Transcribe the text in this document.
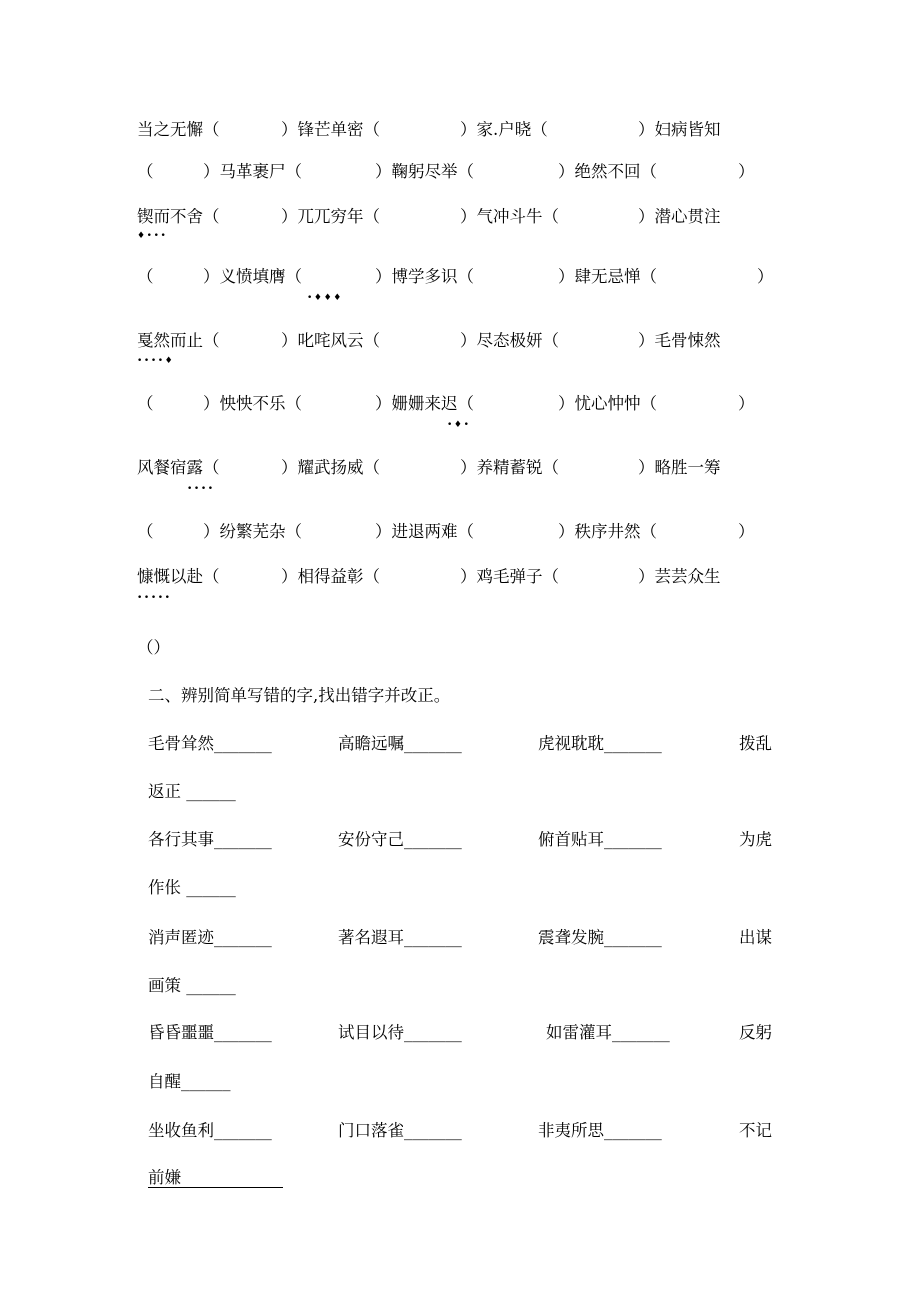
当之无懈（	）锋芒单密（	）家.户晓（	）妇病皆知
（	）马革裹尸（	）鞠躬尽举（	）绝然不回（	）
锲而不舍（	）兀兀穷年（	）气冲斗牛（	）潜心贯注
♦•••
（	）义愤填膺（	）博学多识（	）肆无忌惮（	）
•♦♦♦
戛然而止（	）叱咤风云（	）尽态极妍（	）毛骨悚然
••••♦
（	）怏怏不乐（	）姗姗来迟（	）忧心忡忡（	）
•♦•
风餐宿露（	）耀武扬威（	）养精蓄锐（	）略胜一筹
••••
（	）纷繁芜杂（	）进退两难（	）秩序井然（	）
慷慨以赴（	）相得益彰（	）鸡毛弹子（	）芸芸众生
•••••
（）
二、辨别简单写错的字,找出错字并改正。
毛骨耸然_______	高瞻远嘱_______	虎视耽耽_______	拨乱
返正 ______
各行其事_______	安份守己_______	俯首贴耳_______	为虎
作伥 ______
消声匿迹_______	著名遐耳_______	震聋发腕_______	出谋
画策 ______
昏昏噩噩_______	试目以待_______	如雷灌耳_______	反躬
自醒______
坐收鱼利_______	门口落雀_______	非夷所思_______	不记
前嫌
